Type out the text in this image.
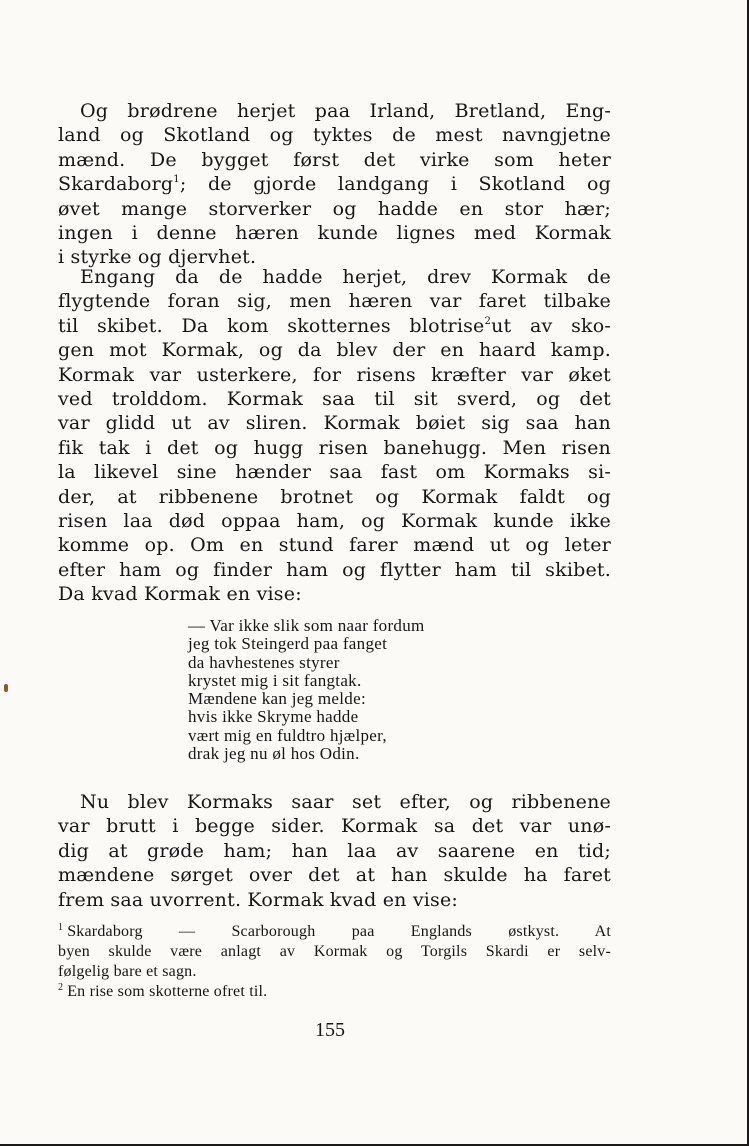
Og brødrene herjet paa Irland, Bretland, Eng-
land og Skotland og tyktes de mest navngjetne
mænd. De bygget først det virke som heter
Skardaborg$^1$; de gjorde landgang i Skotland og
øvet mange storverker og hadde en stor hær;
ingen i denne hæren kunde lignes med Kormak
i styrke og djervhet.
Engang da de hadde herjet, drev Kormak de
flygtende foran sig, men hæren var faret tilbake
til skibet. Da kom skotternes blotrise$^2$ut av sko-
gen mot Kormak, og da blev der en haard kamp.
Kormak var usterkere, for risens kræfter var øket
ved trolddom. Kormak saa til sit sverd, og det
var glidd ut av sliren. Kormak bøiet sig saa han
fik tak i det og hugg risen banehugg. Men risen
la likevel sine hænder saa fast om Kormaks si-
der, at ribbenene brotnet og Kormak faldt og
risen laa død oppaa ham, og Kormak kunde ikke
komme op. Om en stund farer mænd ut og leter
efter ham og finder ham og flytter ham til skibet.
Da kvad Kormak en vise:
— Var ikke slik som naar fordum
jeg tok Steingerd paa fanget
da havhestenes styrer
krystet mig i sit fangtak.
Mændene kan jeg melde:
hvis ikke Skryme hadde
vært mig en fuldtro hjælper,
drak jeg nu øl hos Odin.
Nu blev Kormaks saar set efter, og ribbenene
var brutt i begge sider. Kormak sa det var unø-
dig at grøde ham; han laa av saarene en tid;
mændene sørget over det at han skulde ha faret
frem saa uvorrent. Kormak kvad en vise:
$^1$ Skardaborg — Scarborough paa Englands østkyst. At
byen skulde være anlagt av Kormak og Torgils Skardi er selv-
følgelig bare et sagn.
$^2$ En rise som skotterne ofret til.
155
